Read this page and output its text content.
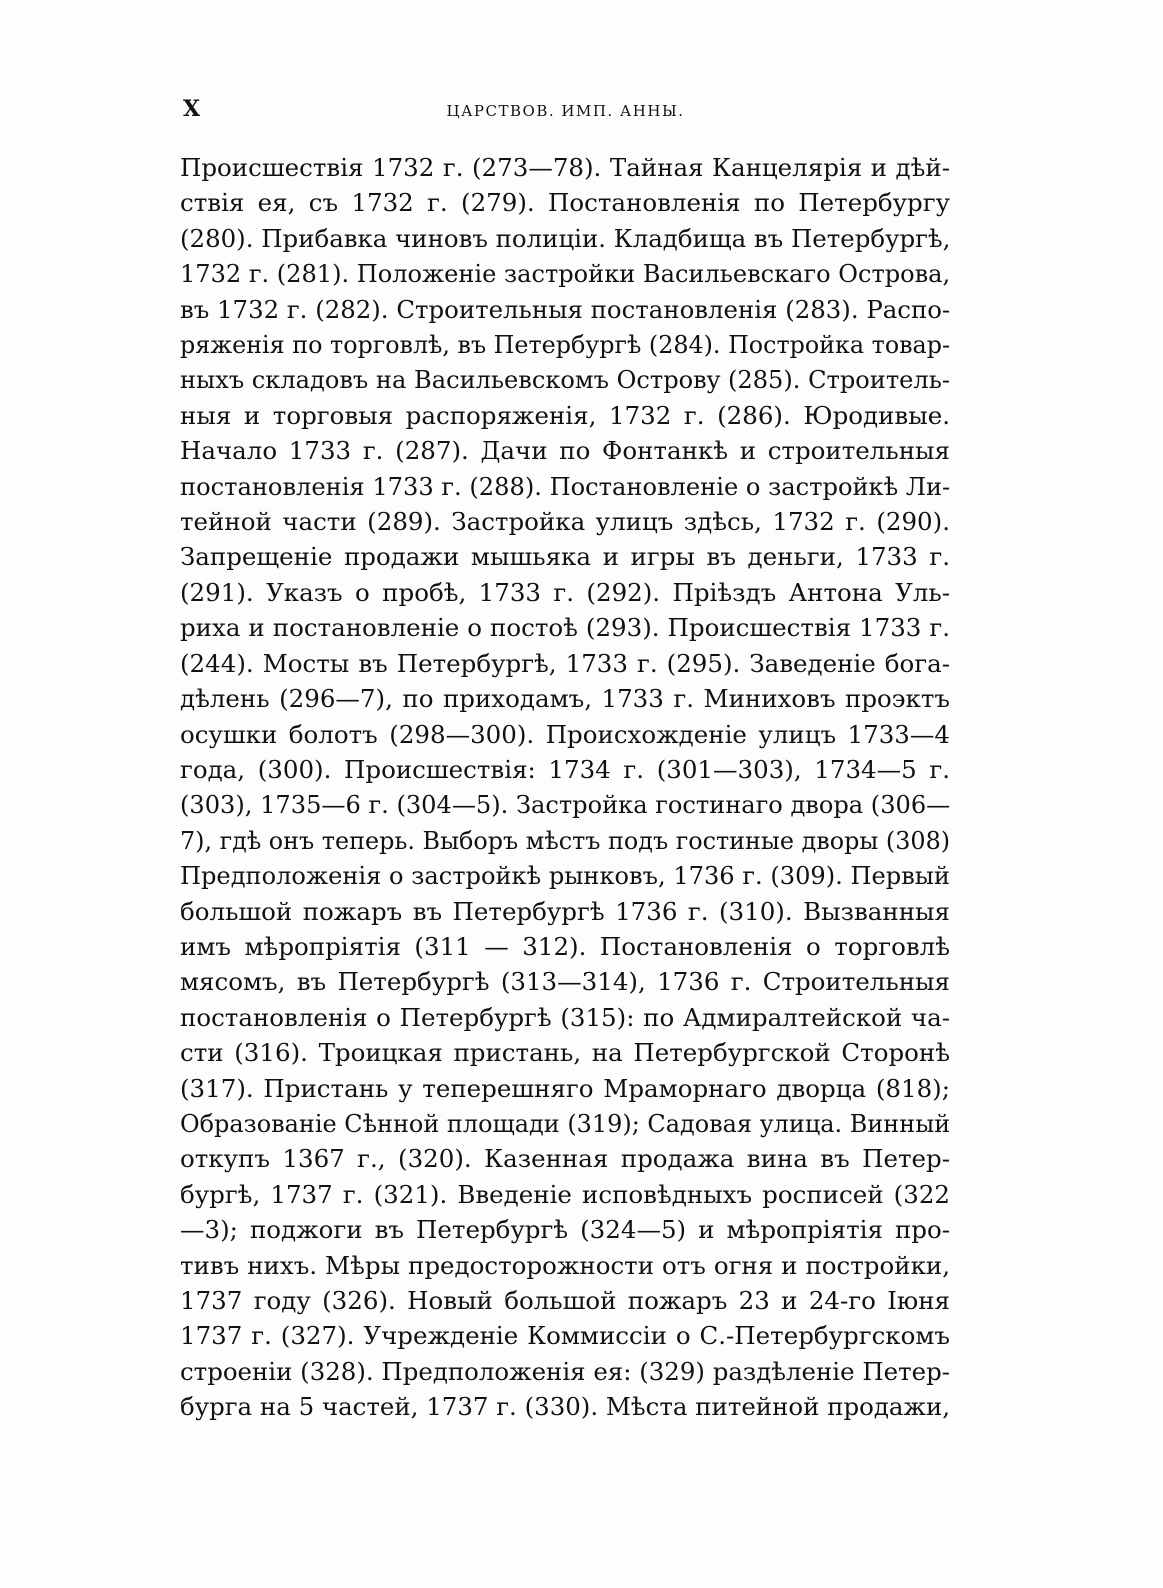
X	ЦАРСТВОВ. ИМП. АННЫ.
Происшествія 1732 г. (273—78). Тайная Канцелярія и дѣй-
ствія ея, съ 1732 г. (279). Постановленія по Петербургу
(280). Прибавка чиновъ полиціи. Кладбища въ Петербургѣ,
1732 г. (281). Положеніе застройки Васильевскаго Острова,
въ 1732 г. (282). Строительныя постановленія (283). Распо-
ряженія по торговлѣ, въ Петербургѣ (284). Постройка товар-
ныхъ складовъ на Васильевскомъ Островy (285). Строитель-
ныя и торговыя распоряженія, 1732 г. (286). Юродивые.
Начало 1733 г. (287). Дачи по Фонтанкѣ и строительныя
постановленія 1733 г. (288). Постановленіе о застройкѣ Ли-
тейной части (289). Застройка улицъ здѣсь, 1732 г. (290).
Запрещеніе продажи мышьяка и игры въ деньги, 1733 г.
(291). Указъ о пробѣ, 1733 г. (292). Пріѣздъ Антона Уль-
риха и постановленіе о постоѣ (293). Происшествія 1733 г.
(244). Мосты въ Петербургѣ, 1733 г. (295). Заведеніе бога-
дѣлень (296—7), по приходамъ, 1733 г. Миниховъ проэктъ
осушки болотъ (298—300). Происхожденіе улицъ 1733—4
года, (300). Происшествія: 1734 г. (301—303), 1734—5 г.
(303), 1735—6 г. (304—5). Застройка гостинаго двора (306—
7), гдѣ онъ теперь. Выборъ мѣстъ подъ гостиные дворы (308)
Предположенія о застройкѣ рынковъ, 1736 г. (309). Первый
большой пожаръ въ Петербургѣ 1736 г. (310). Вызванныя
имъ мѣропріятія (311 — 312). Постановленія о торговлѣ
мясомъ, въ Петербургѣ (313—314), 1736 г. Строительныя
постановленія о Петербургѣ (315): по Адмиралтейской ча-
сти (316). Троицкая пристань, на Петербургской Сторонѣ
(317). Пристань у теперешняго Мраморнаго дворца (818);
Образованіе Сѣнной площади (319); Садовая улица. Винный
откупъ 1367 г., (320). Казенная продажа вина въ Петер-
бургѣ, 1737 г. (321). Введеніе исповѣдныхъ росписей (322
—3); поджоги въ Петербургѣ (324—5) и мѣропріятія про-
тивъ нихъ. Мѣры предосторожности отъ огня и постройки,
1737 году (326). Новый большой пожаръ 23 и 24-го Іюня
1737 г. (327). Учрежденіе Коммиссіи о С.-Петербургскомъ
строеніи (328). Предположенія ея: (329) раздѣленіе Петер-
бурга на 5 частей, 1737 г. (330). Мѣста питейной продажи,
